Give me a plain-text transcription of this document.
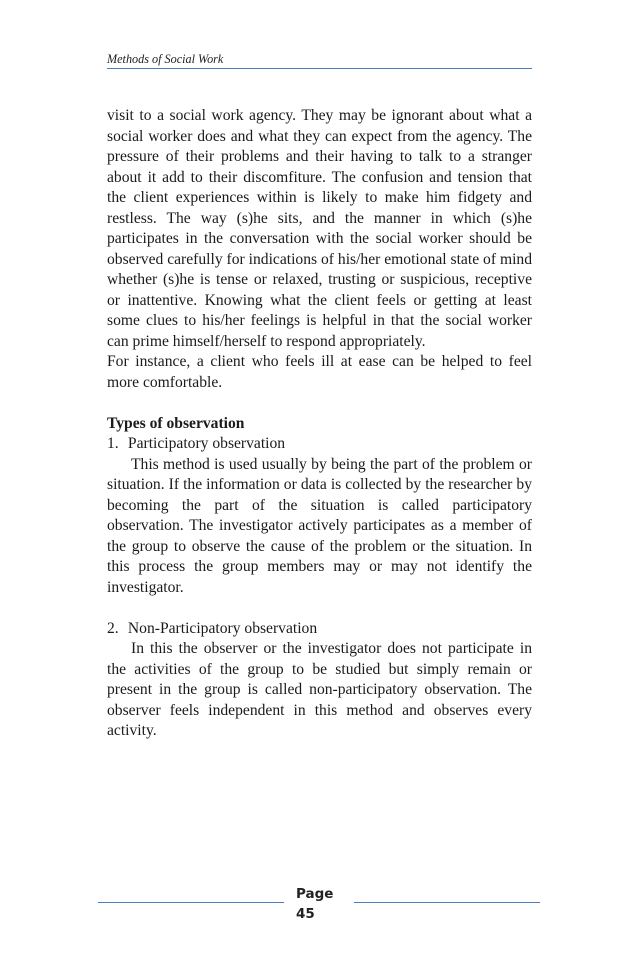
Methods of Social Work

visit to a social work agency. They may be ignorant about what a social worker does and what they can expect from the agency. The pressure of their problems and their having to talk to a stranger about it add to their discomfiture. The confusion and tension that the client experiences within is likely to make him fidgety and restless. The way (s)he sits, and the manner in which (s)he participates in the conversation with the social worker should be observed carefully for indications of his/her emotional state of mind whether (s)he is tense or relaxed, trusting or suspicious, receptive or inattentive. Knowing what the client feels or getting at least some clues to his/her feelings is helpful in that the social worker can prime himself/herself to respond appropriately.

For instance, a client who feels ill at ease can be helped to feel more comfortable.

Types of observation

1. Participatory observation

This method is used usually by being the part of the problem or situation. If the information or data is collected by the researcher by becoming the part of the situation is called participatory observation. The investigator actively participates as a member of the group to observe the cause of the problem or the situation. In this process the group members may or may not identify the investigator.

2. Non-Participatory observation

In this the observer or the investigator does not participate in the activities of the group to be studied but simply remain or present in the group is called non-participatory observation. The observer feels independent in this method and observes every activity.

Page
45
